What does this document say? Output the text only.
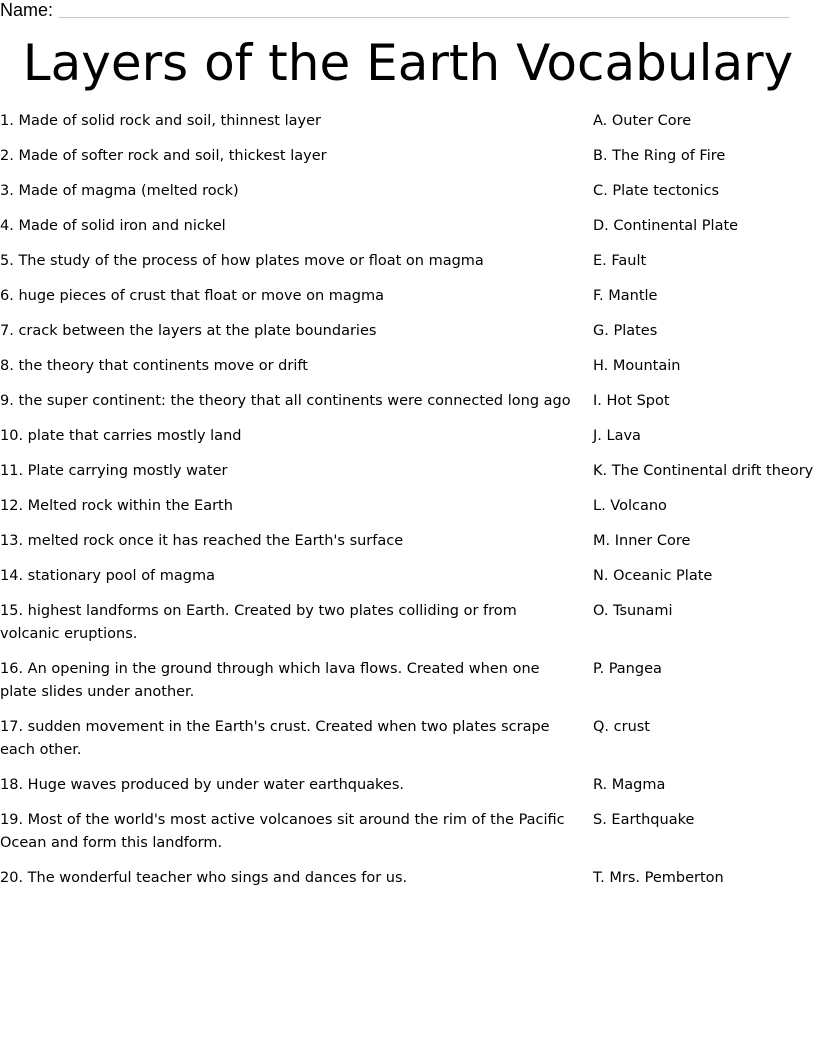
Name:
Layers of the Earth Vocabulary
1. Made of solid rock and soil, thinnest layer	A. Outer Core
2. Made of softer rock and soil, thickest layer	B. The Ring of Fire
3. Made of magma (melted rock)	C. Plate tectonics
4. Made of solid iron and nickel	D. Continental Plate
5. The study of the process of how plates move or float on magma	E. Fault
6. huge pieces of crust that float or move on magma	F. Mantle
7. crack between the layers at the plate boundaries	G. Plates
8. the theory that continents move or drift	H. Mountain
9. the super continent: the theory that all continents were connected long ago	I. Hot Spot
10. plate that carries mostly land	J. Lava
11. Plate carrying mostly water	K. The Continental drift theory
12. Melted rock within the Earth	L. Volcano
13. melted rock once it has reached the Earth's surface	M. Inner Core
14. stationary pool of magma	N. Oceanic Plate
15. highest landforms on Earth. Created by two plates colliding or from volcanic eruptions.
O. Tsunami
16. An opening in the ground through which lava flows. Created when one plate slides under another.
P. Pangea
17. sudden movement in the Earth's crust. Created when two plates scrape each other.
Q. crust
18. Huge waves produced by under water earthquakes.	R. Magma
19. Most of the world's most active volcanoes sit around the rim of the Pacific Ocean and form this landform.
S. Earthquake
20. The wonderful teacher who sings and dances for us.	T. Mrs. Pemberton
